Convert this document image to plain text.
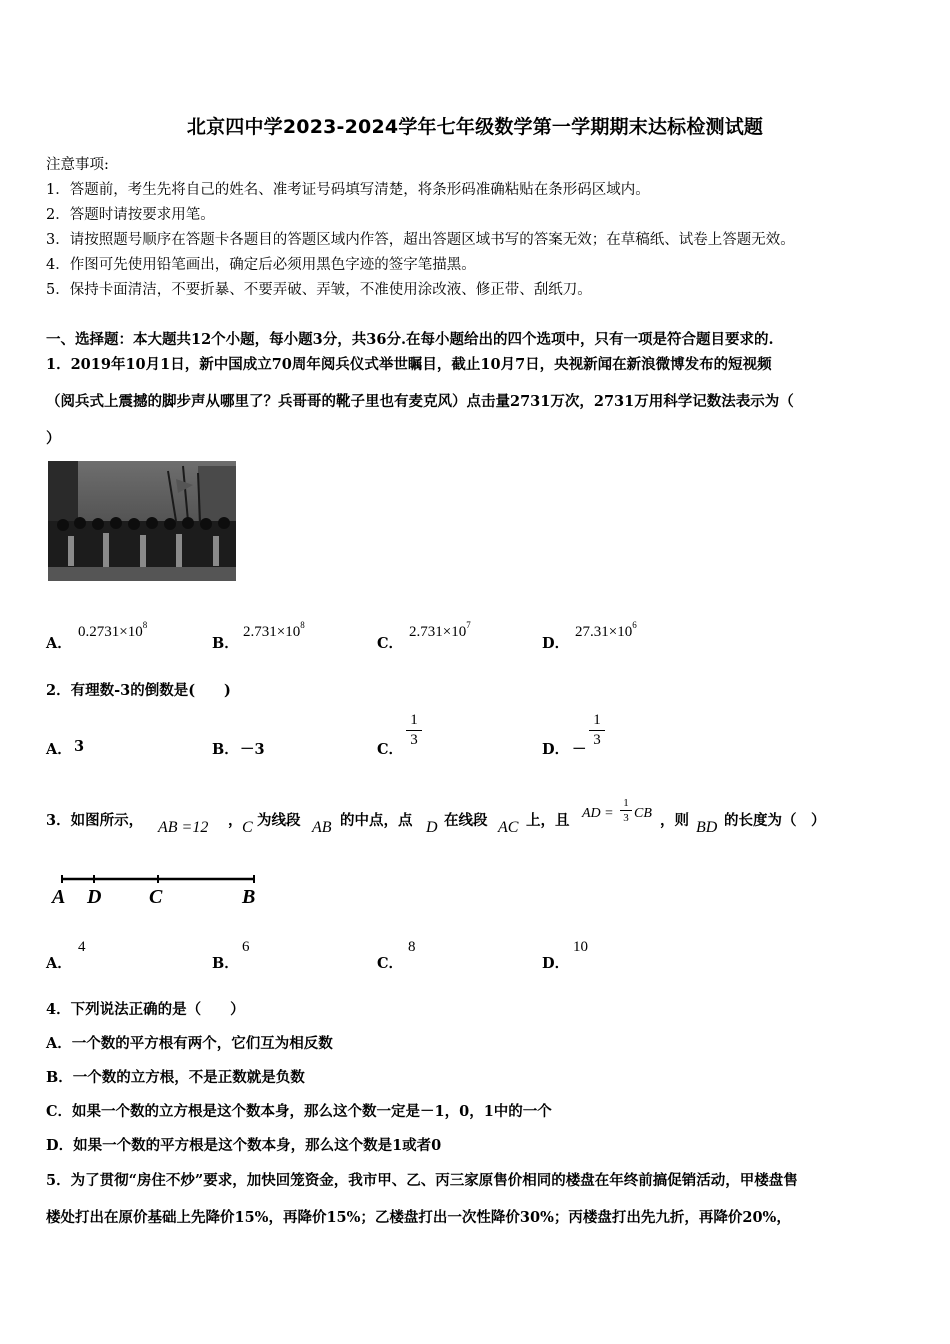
北京四中学2023-2024学年七年级数学第一学期期末达标检测试题
注意事项:
1．答题前，考生先将自己的姓名、准考证号码填写清楚，将条形码准确粘贴在条形码区域内。
2．答题时请按要求用笔。
3．请按照题号顺序在答题卡各题目的答题区域内作答，超出答题区域书写的答案无效；在草稿纸、试卷上答题无效。
4．作图可先使用铅笔画出，确定后必须用黑色字迹的签字笔描黑。
5．保持卡面清洁，不要折暴、不要弄破、弄皱，不准使用涂改液、修正带、刮纸刀。
一、选择题：本大题共12个小题，每小题3分，共36分.在每小题给出的四个选项中，只有一项是符合题目要求的.
1．2019年10月1日，新中国成立70周年阅兵仪式举世瞩目，截止10月7日，央视新闻在新浪微博发布的短视频
（阅兵式上震撼的脚步声从哪里了？兵哥哥的靴子里也有麦克风）点击量2731万次，2731万用科学记数法表示为（
）
A．
$0.2731\times 10^8$
B．
$2.731\times 10^8$
C．
$2.731\times 10^7$
D．
$27.31\times 10^6$
2．有理数-3的倒数是(　　)
A． 3	B． －3	C．
1
3
D． －
1
3
3．如图所示， AB =12 ， C 为线段 AB 的中点，点 D 在线段 AC 上，且 AD =
1
3 CB ，则 BD 的长度为（　）
A D C	B
A．
4
B．
6
C．
8
D．
10
4．下列说法正确的是（　　）
A．一个数的平方根有两个，它们互为相反数
B．一个数的立方根，不是正数就是负数
C．如果一个数的立方根是这个数本身，那么这个数一定是－1，0，1中的一个
D．如果一个数的平方根是这个数本身，那么这个数是1或者0
5．为了贯彻“房住不炒”要求，加快回笼资金，我市甲、乙、丙三家原售价相同的楼盘在年终前搞促销活动，甲楼盘售
楼处打出在原价基础上先降价15%，再降价15%；乙楼盘打出一次性降价30%；丙楼盘打出先九折，再降价20%，
